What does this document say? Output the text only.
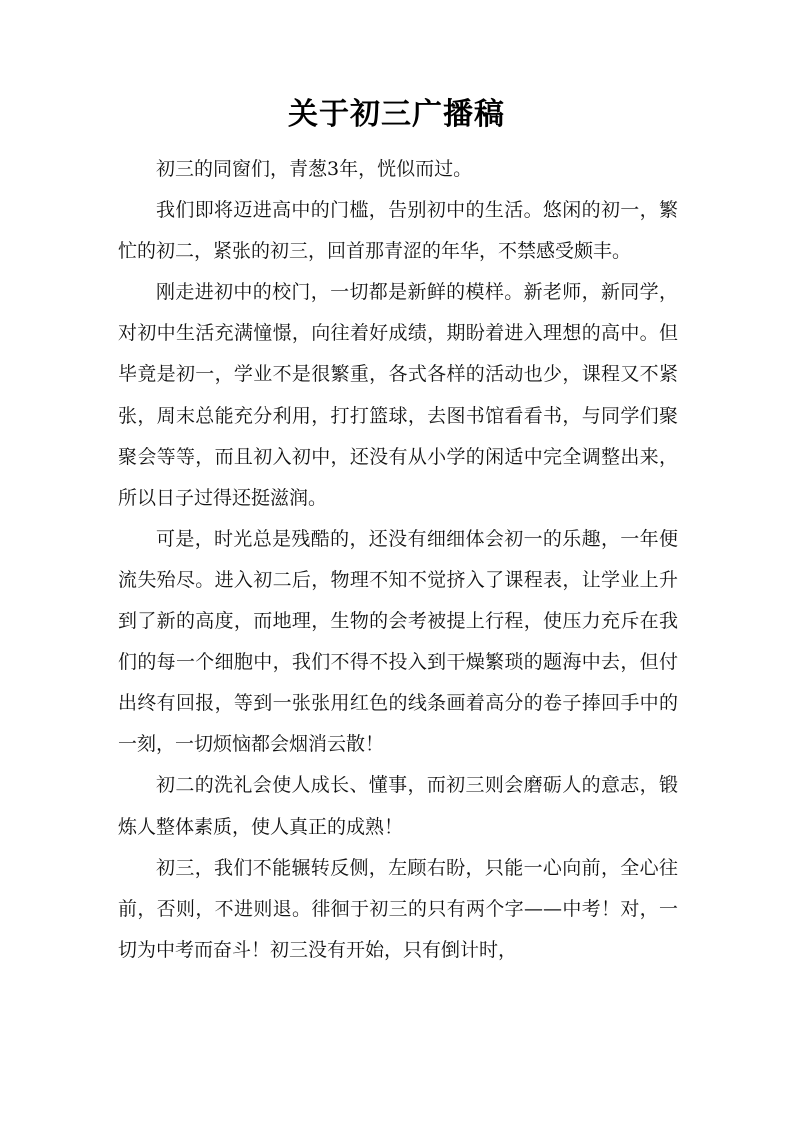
关于初三广播稿

初三的同窗们，青葱3年，恍似而过。

我们即将迈进高中的门槛，告别初中的生活。悠闲的初一，繁忙的初二，紧张的初三，回首那青涩的年华，不禁感受颇丰。

刚走进初中的校门，一切都是新鲜的模样。新老师，新同学，对初中生活充满憧憬，向往着好成绩，期盼着进入理想的高中。但毕竟是初一，学业不是很繁重，各式各样的活动也少，课程又不紧张，周末总能充分利用，打打篮球，去图书馆看看书，与同学们聚聚会等等，而且初入初中，还没有从小学的闲适中完全调整出来，所以日子过得还挺滋润。

可是，时光总是残酷的，还没有细细体会初一的乐趣，一年便流失殆尽。进入初二后，物理不知不觉挤入了课程表，让学业上升到了新的高度，而地理，生物的会考被提上行程，使压力充斥在我们的每一个细胞中，我们不得不投入到干燥繁琐的题海中去，但付出终有回报，等到一张张用红色的线条画着高分的卷子捧回手中的一刻，一切烦恼都会烟消云散！

初二的洗礼会使人成长、懂事，而初三则会磨砺人的意志，锻炼人整体素质，使人真正的成熟！

初三，我们不能辗转反侧，左顾右盼，只能一心向前，全心往前，否则，不进则退。徘徊于初三的只有两个字——中考！对，一切为中考而奋斗！初三没有开始，只有倒计时，
